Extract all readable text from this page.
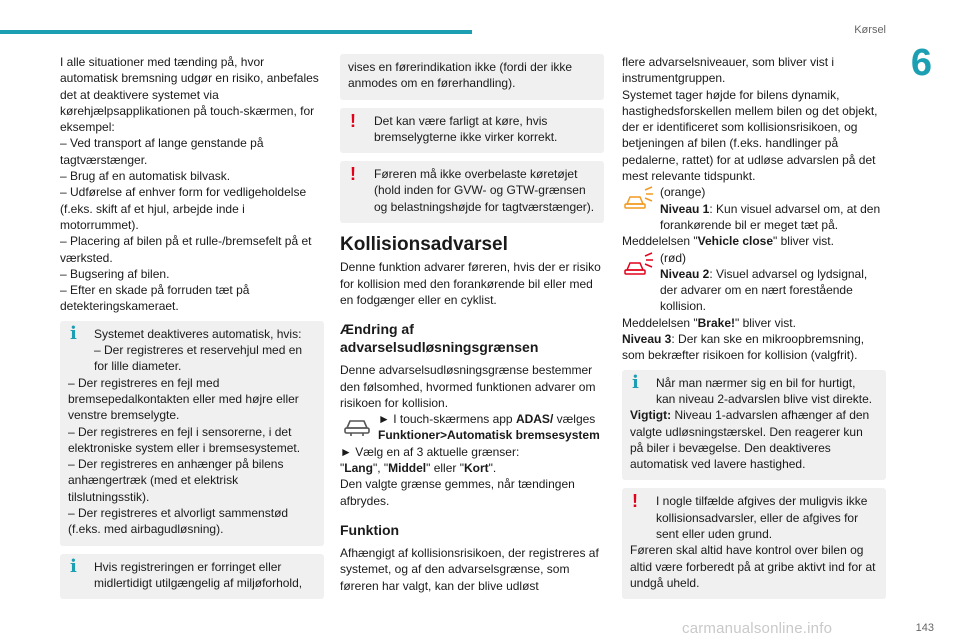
Kørsel
6

I alle situationer med tænding på, hvor automatisk bremsning udgør en risiko, anbefales det at deaktivere systemet via kørehjælpsapplikationen på touch-skærmen, for eksempel:

– Ved transport af lange genstande på tagtværstænger.

– Brug af en automatisk bilvask.

– Udførelse af enhver form for vedligeholdelse (f.eks. skift af et hjul, arbejde inde i motorrummet).

– Placering af bilen på et rulle-/bremsefelt på et værksted.

– Bugsering af bilen.

– Efter en skade på forruden tæt på detekteringskameraet.

i Systemet deaktiveres automatisk, hvis:

– Der registreres et reservehjul med en for lille diameter.

– Der registreres en fejl med bremsepedalkontakten eller med højre eller venstre bremselygte.

– Der registreres en fejl i sensorerne, i det elektroniske system eller i bremsesystemet.

– Der registreres en anhænger på bilens anhængertræk (med et elektrisk tilslutningsstik).

– Der registreres et alvorligt sammenstød (f.eks. med airbagudløsning).

i Hvis registreringen er forringet eller midlertidigt utilgængelig af miljøforhold,

vises en førerindikation ikke (fordi der ikke anmodes om en førerhandling).

! Det kan være farligt at køre, hvis bremselygterne ikke virker korrekt.

! Føreren må ikke overbelaste køretøjet (hold inden for GVW- og GTW-grænsen og belastningshøjde for tagtværstænger).

Kollisionsadvarsel

Denne funktion advarer føreren, hvis der er risiko for kollision med den forankørende bil eller med en fodgænger eller en cyklist.

Ændring af advarselsudløsningsgrænsen

Denne advarselsudløsningsgrænse bestemmer den følsomhed, hvormed funktionen advarer om risikoen for kollision.

► I touch-skærmens app ADAS/ vælges Funktioner>Automatisk bremsesystem

► Vælg en af 3 aktuelle grænser:

"Lang", "Middel" eller "Kort".

Den valgte grænse gemmes, når tændingen afbrydes.

Funktion

Afhængigt af kollisionsrisikoen, der registreres af systemet, og af den advarselsgrænse, som føreren har valgt, kan der blive udløst

flere advarselsniveauer, som bliver vist i instrumentgruppen.

Systemet tager højde for bilens dynamik, hastighedsforskellen mellem bilen og det objekt, der er identificeret som kollisionsrisikoen, og betjeningen af bilen (f.eks. handlinger på pedalerne, rattet) for at udløse advarslen på det mest relevante tidspunkt.

(orange)

Niveau 1: Kun visuel advarsel om, at den forankørende bil er meget tæt på.

Meddelelsen "Vehicle close" bliver vist.

(rød)

Niveau 2: Visuel advarsel og lydsignal, der advarer om en nært forestående kollision.

Meddelelsen "Brake!" bliver vist.

Niveau 3: Der kan ske en mikroopbremsning, som bekræfter risikoen for kollision (valgfrit).

i Når man nærmer sig en bil for hurtigt, kan niveau 2-advarslen blive vist direkte.

Vigtigt: Niveau 1-advarslen afhænger af den valgte udløsningstærskel. Den reagerer kun på biler i bevægelse. Den deaktiveres automatisk ved lavere hastighed.

! I nogle tilfælde afgives der muligvis ikke kollisionsadvarsler, eller de afgives for sent eller uden grund.

Føreren skal altid have kontrol over bilen og altid være forberedt på at gribe aktivt ind for at undgå uheld.

carmanualsonline.info	143
